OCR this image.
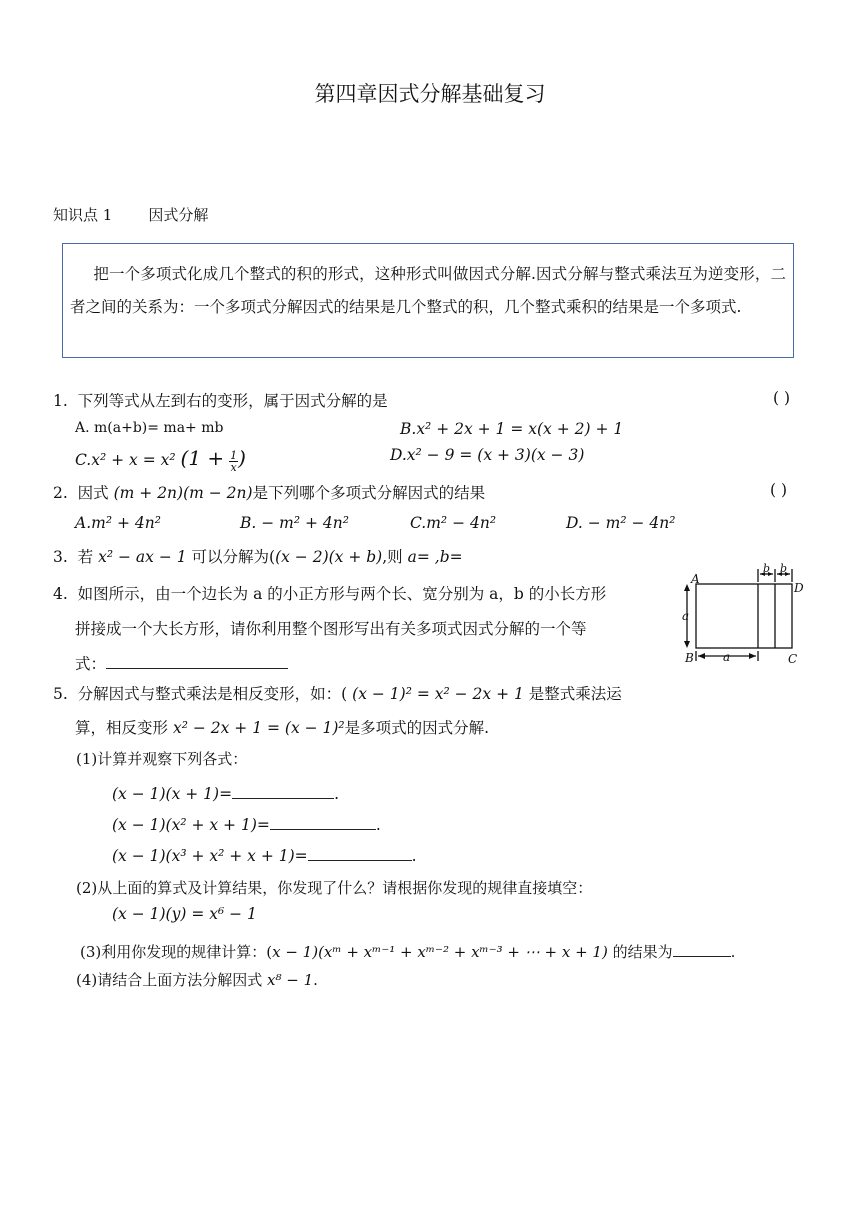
第四章因式分解基础复习
知识点 1 因式分解

  把一个多项式化成几个整式的积的形式，这种形式叫做因式分解.因式分解与整式乘法互为逆变形，二者之间的关系为：一个多项式分解因式的结果是几个整式的积，几个整式乘积的结果是一个多项式.

1. 下列等式从左到右的变形，属于因式分解的是	( )
A. m(a+b)= ma+ mb	B.x² + 2x + 1 = x(x + 2) + 1
C.x² + x = x² ($1 + \frac{1}{x}$ )	D.x² − 9 = (x + 3)(x − 3)
2. 因式 (m + 2n)(m − 2n)是下列哪个多项式分解因式的结果	( )
A.m² + 4n²	B. − m² + 4n²	C.m² − 4n²	D. − m² − 4n²
3. 若 x² − ax − 1 可以分解为((x − 2)(x + b),则 a= ,b=
4. 如图所示，由一个边长为 a 的小正方形与两个长、宽分别为 a，b 的小长方形
拼接成一个大长方形，请你利用整个图形写出有关多项式因式分解的一个等
式：
A
B	C
D
a
a
b b
5. 分解因式与整式乘法是相反变形，如：( (x − 1)² = x² − 2x + 1 是整式乘法运
算，相反变形 x² − 2x + 1 = (x − 1)²是多项式的因式分解.
(1)计算并观察下列各式：
(x − 1)(x + 1)=	.
(x − 1)(x² + x + 1)=	.
(x − 1)(x³ + x² + x + 1)=	.
(2)从上面的算式及计算结果，你发现了什么？请根据你发现的规律直接填空：
(x − 1)(y) = x⁶ − 1
(3)利用你发现的规律计算：(x − 1)(xᵐ + xᵐ⁻¹ + xᵐ⁻² + xᵐ⁻³ + ⋯ + x + 1) 的结果为	.
(4)请结合上面方法分解因式 x⁸ − 1.
